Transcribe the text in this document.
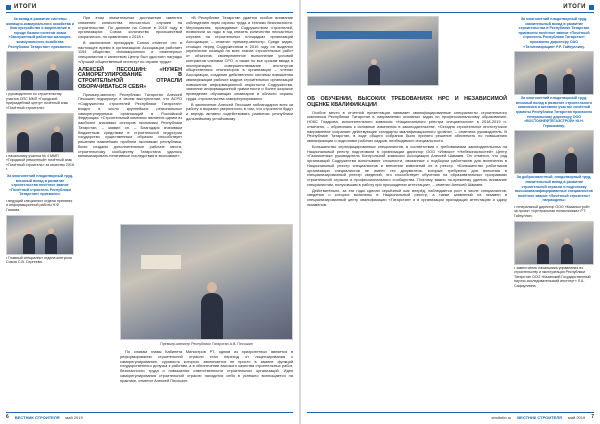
ИТОГИ
За вклад в развитие системы жилищно-коммунального хозяйства и благоустройство и закрепление в городе Казани почетом знаки «Заслуженный работник жилищно-коммунального хозяйства Республики Татарстан» присвоено:
• руководителю по строительству участка ОПС ММП «Городской приусадебный центр» почётный знак «Почётный строитель»
• начальнику участка № 4 ММП «Городской ремонтный» почётный знак «Почётный строитель» за качество 2018 г.
За многолетний плодотворный труд, весомый вклад в развитие строительства почётное звание «Почётный строитель Республики Татарстан» присвоено:
• ведущий специалист отдела принятия и информационной работы Н.Ф. Гаязова.
• Главный специалист отдела контроля Союза С.В. Сергеева.

При этом значительные достижения имеются снижения количества несчастных случаев на строительстве. По данным на Союзе в 2019 году в организациях Союза количество происшествий сократилось, по сравнению с 2018 г.

В заключение президиум Союза отметил что в настоящее время в организациях Ассоциации работает 1194 общество инновационных и инженерных специалистов с качеством Центр был удостоен награды «Лучший общественный институт по охране труда».

АЛЕКСЕЙ ПЕСОШИН: «НУЖЕН САМОРЕГУЛИРОВАНИЕ В СТРОИТЕЛЬНОЙ ОТРАСЛИ ОБОРАЧИВАТЬСЯ СЕБЯ»

Премьер-министр Республики Татарстан Алексей Песошин подчеркнул в своем выступлении, что АСРО «Содружество строителей Республики Татарстан» входит в число крупнейших региональных саморегулируемых организаций в Российской Федерации. «Строительный комплекс является одним из наиболее значимых секторов экономики Республики Татарстан, – заявил он. – Благодаря значимым бюджетным средствам в строительной индустрии государство существенным образом способствует решению важнейших проблем экономики республики, были созданы дополнительные рабочие места, строительному сообществу Татарстана удалось минимизировать негативные последствия в экономике».

«В Республике Татарстан удается особое внимание соблюдению норм охраны труда и техники безопасности. Мероприятия, проводимые Содружеством строителей, позволили за годы в год снизить количество несчастных случаев на строительных площадках организаций Ассоциации, – отметил премьер-министр. Среди задач, стоящих перед Содружеством в 2019 году он выделил укрепление позиций на всех этапах строительных работ от объектов, своевременное выполнение условий контрактов членами СРО, а также по все срокам ввода в эксплуатацию, совершенствование институтов общественных инспекторов в организации – членах Ассоциации, создание действенного системы повышения квалификации рабочих кадров строительных организаций повышение информационной открытости Содружества, значение информационной грамотности и более широкое проведение обучающих семинаров в области охраны труда, строительства саморегулирования.

В заключение Алексей Песошин поблагодарил всех за работу и выразил уверенность в том, что строители будут и впредь активно содействовать развитию республики дальнейшему устойчивому.

Премьер-министр Республики Татарстан А.В. Песошин

По словам главы Кабинета Министров РТ, одним из приоритетных является в реформировании строительной отрасли стал переход от лицензирования к саморегулированию, суровость которого заключается не просто в замене функций государственного допуска к работам, а в обеспечении высокого качества строительных работ, безопасности труда и повышения ответственности строительных организаций. Идея саморегулирования строительной отрасли находится себя в успешно воплощается на практике, отметил Алексей Песошин.

6 ВЕСТНИК СТРОИТЕЛЯ май 2019
ИТОГИ
ОБ ОБУЧЕНИИ, ВЫСОКИХ ТРЕБОВАНИЯХ НРС И НЕЗАВИСИМОЙ ОЦЕНКЕ КВАЛИФИКАЦИИ

Особое место в отчетной презентации занимает квалифицированные специалисты строительного комплекса Республики Татарстан в направлении основных задач по профессиональному образованию. НОКС Гладкова, исполнительного комиссия «Национального реестра специалистов» в 2018-2019 гг. отмечено, – обратилась к основные изменения в законодательстве. «Сегодня строительное институтское направление сохраняет действующие стандарты квалификационного уровня», – отметила руководитель. В Республике Татарстан, в ходе общего собрания было принято решение обеспечить по повышению квалификации и подготовке рабочих кадров, необходимого специальности.

Большинство сертифицированных специалистов, в соответствии с требованиями законодательства на Национальный реестр подготовили в организации директор ООО «Инвэкс» «Небезопасностей» Центр «Газомонтаж» руководитель Контрольной комиссии Ассоциации Алексей Шамаев. Он отметил, что ряд организаций Содружества испытывают сложности, связанные с подбором работников для включения в Национальный реестр специалистов и внесения изменений их в реестр. «Большинство работников организации специалистов не имеет тех документов, которые требуются для внесения в специализированный реестр сведений, это способствует обучению на образовательных программах строительной отрасли и профессионального сообщества. Поэтому важно по-прежнему уделить внимание специалистам, получившим в работу при прохождении аттестации», – отметил Алексей Шамаев.

Действительно, за эти годы сделан серьёзный шаг вперёд, наблюдается рост в числе специалистов, сведения о которых включены в Национальный реестр, а также заявлений на экзамен в специализированный центр квалификации «Татарстан» и в организации проходящих аттестацию и сдачу экзаменов.

За многолетний плодотворный труд, значительный вклад в развитие строительства в Республике Татарстан присвоено почётное звание «Почётный строитель Республики Татарстан» присвоено директору ОАО «Татмелиорация» Р.Р. Гайнуллину.
За многолетний плодотворный труд, весомый вклад в развитие строительного комплекса и активное участие почётной грамоты Республики Татарстан присвоено генеральному директору ООО «ВОСТОКНЕФТЕГАЗСТРОЙ» Ю.Н. Герасимову.
За добросовестный, плодотворный труд, значительный вклад в развитие строительной отрасли и подготовку высококвалифицированных специалистов почётное звание «Почётный строитель» награждены:
• генеральный директор ООО «Казаньстрой» за проект «Центральная поликлиника» Р.Т. Гайнуллин.
• заместитель начальника управления по строительству и эксплуатации Республики Татарстан ООО «Казанский Государственный научно-исследовательский институт» Л.А. Сафиуллина.
stroitelirt.ru ВЕСТНИК СТРОИТЕЛЯ май 2019 7
